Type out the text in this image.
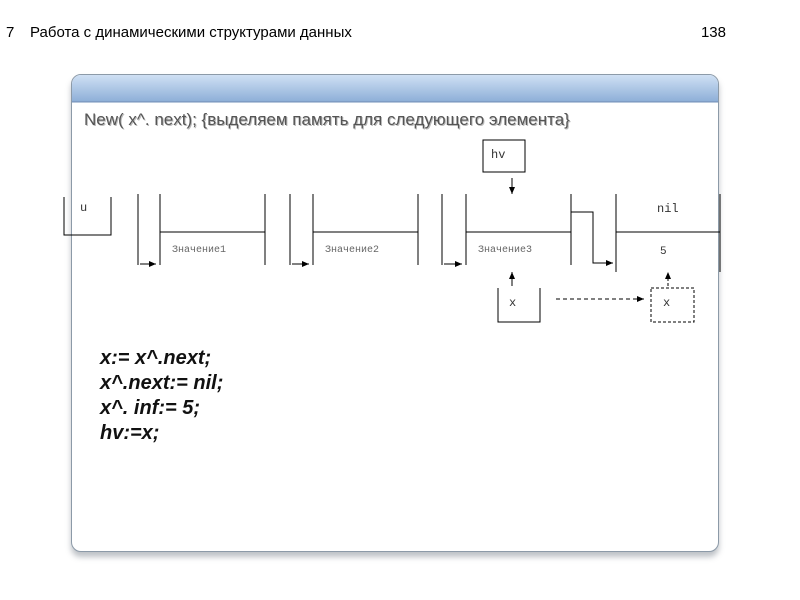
7 Работа с динамическими структурами данных	138
New( x^. next); {выделяем память для следующего элемента}
u
hv
Значение1	Значение2	Значение3
nil
5
x	x
x:= x^.next;
x^.next:= nil;
x^. inf:= 5;
hv:=x;
